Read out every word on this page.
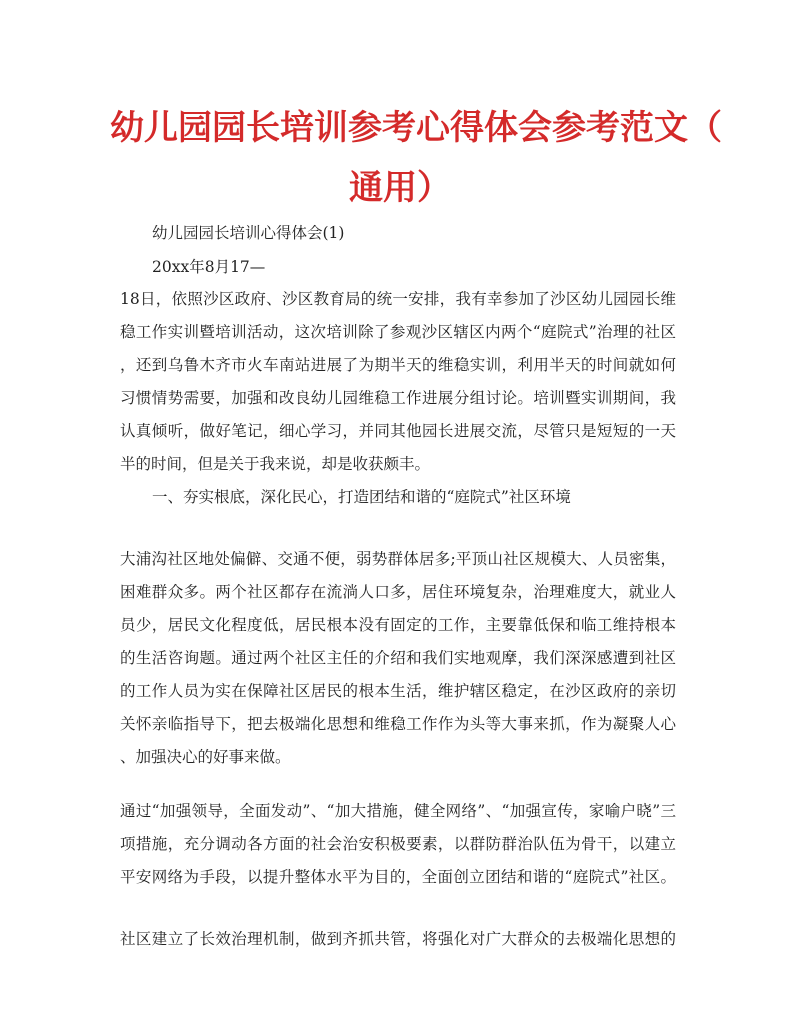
幼儿园园长培训参考心得体会参考范文（
通用）
幼儿园园长培训心得体会(1)
20xx年8月17—
18日，依照沙区政府、沙区教育局的统一安排，我有幸参加了沙区幼儿园园长维
稳工作实训暨培训活动，这次培训除了参观沙区辖区内两个“庭院式”治理的社区
，还到乌鲁木齐市火车南站进展了为期半天的维稳实训，利用半天的时间就如何
习惯情势需要，加强和改良幼儿园维稳工作进展分组讨论。培训暨实训期间，我
认真倾听，做好笔记，细心学习，并同其他园长进展交流，尽管只是短短的一天
半的时间，但是关于我来说，却是收获颇丰。
一、夯实根底，深化民心，打造团结和谐的“庭院式”社区环境
大浦沟社区地处偏僻、交通不便，弱势群体居多;平顶山社区规模大、人员密集，
困难群众多。两个社区都存在流淌人口多，居住环境复杂，治理难度大，就业人
员少，居民文化程度低，居民根本没有固定的工作，主要靠低保和临工维持根本
的生活咨询题。通过两个社区主任的介绍和我们实地观摩，我们深深感遭到社区
的工作人员为实在保障社区居民的根本生活，维护辖区稳定，在沙区政府的亲切
关怀亲临指导下，把去极端化思想和维稳工作作为头等大事来抓，作为凝聚人心
、加强决心的好事来做。
通过“加强领导，全面发动”、“加大措施，健全网络”、“加强宣传，家喻户晓”三
项措施，充分调动各方面的社会治安积极要素，以群防群治队伍为骨干，以建立
平安网络为手段，以提升整体水平为目的，全面创立团结和谐的“庭院式”社区。
社区建立了长效治理机制，做到齐抓共管，将强化对广大群众的去极端化思想的
